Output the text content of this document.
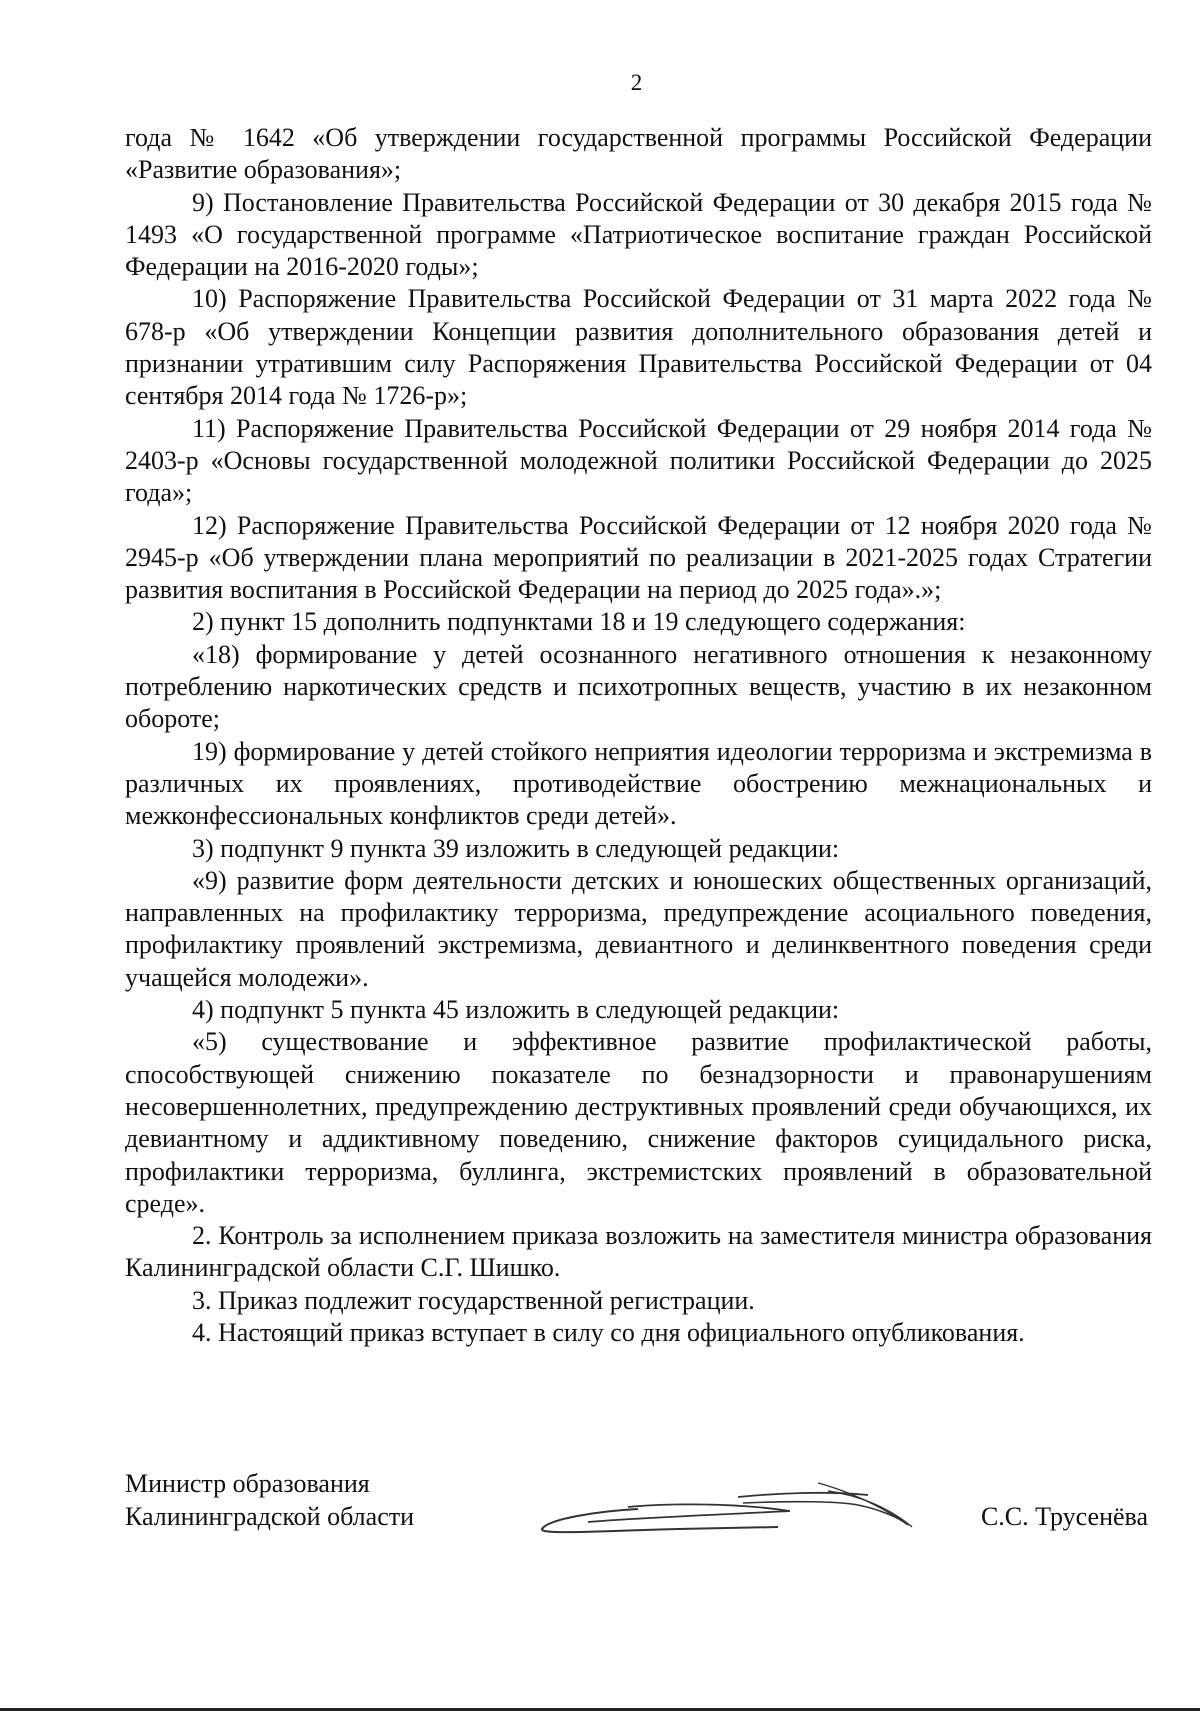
2

года № 1642 «Об утверждении государственной программы Российской Федерации «Развитие образования»;

9) Постановление Правительства Российской Федерации от 30 декабря 2015 года № 1493 «О государственной программе «Патриотическое воспитание граждан Российской Федерации на 2016-2020 годы»;

10) Распоряжение Правительства Российской Федерации от 31 марта 2022 года № 678-р «Об утверждении Концепции развития дополнительного образования детей и признании утратившим силу Распоряжения Правительства Российской Федерации от 04 сентября 2014 года № 1726-р»;

11) Распоряжение Правительства Российской Федерации от 29 ноября 2014 года № 2403-р «Основы государственной молодежной политики Российской Федерации до 2025 года»;

12) Распоряжение Правительства Российской Федерации от 12 ноября 2020 года № 2945-р «Об утверждении плана мероприятий по реализации в 2021-2025 годах Стратегии развития воспитания в Российской Федерации на период до 2025 года».»;

2) пункт 15 дополнить подпунктами 18 и 19 следующего содержания:

«18) формирование у детей осознанного негативного отношения к незаконному потреблению наркотических средств и психотропных веществ, участию в их незаконном обороте;

19) формирование у детей стойкого неприятия идеологии терроризма и экстремизма в различных их проявлениях, противодействие обострению межнациональных и межконфессиональных конфликтов среди детей».

3) подпункт 9 пункта 39 изложить в следующей редакции:

«9) развитие форм деятельности детских и юношеских общественных организаций, направленных на профилактику терроризма, предупреждение асоциального поведения, профилактику проявлений экстремизма, девиантного и делинквентного поведения среди учащейся молодежи».

4) подпункт 5 пункта 45 изложить в следующей редакции:

«5) существование и эффективное развитие профилактической работы, способствующей снижению показателе по безнадзорности и правонарушениям несовершеннолетних, предупреждению деструктивных проявлений среди обучающихся, их девиантному и аддиктивному поведению, снижение факторов суицидального риска, профилактики терроризма, буллинга, экстремистских проявлений в образовательной среде».

2. Контроль за исполнением приказа возложить на заместителя министра образования Калининградской области С.Г. Шишко.

3. Приказ подлежит государственной регистрации.

4. Настоящий приказ вступает в силу со дня официального опубликования.

Министр образования
Калининградской области	С.С. Трусенёва
